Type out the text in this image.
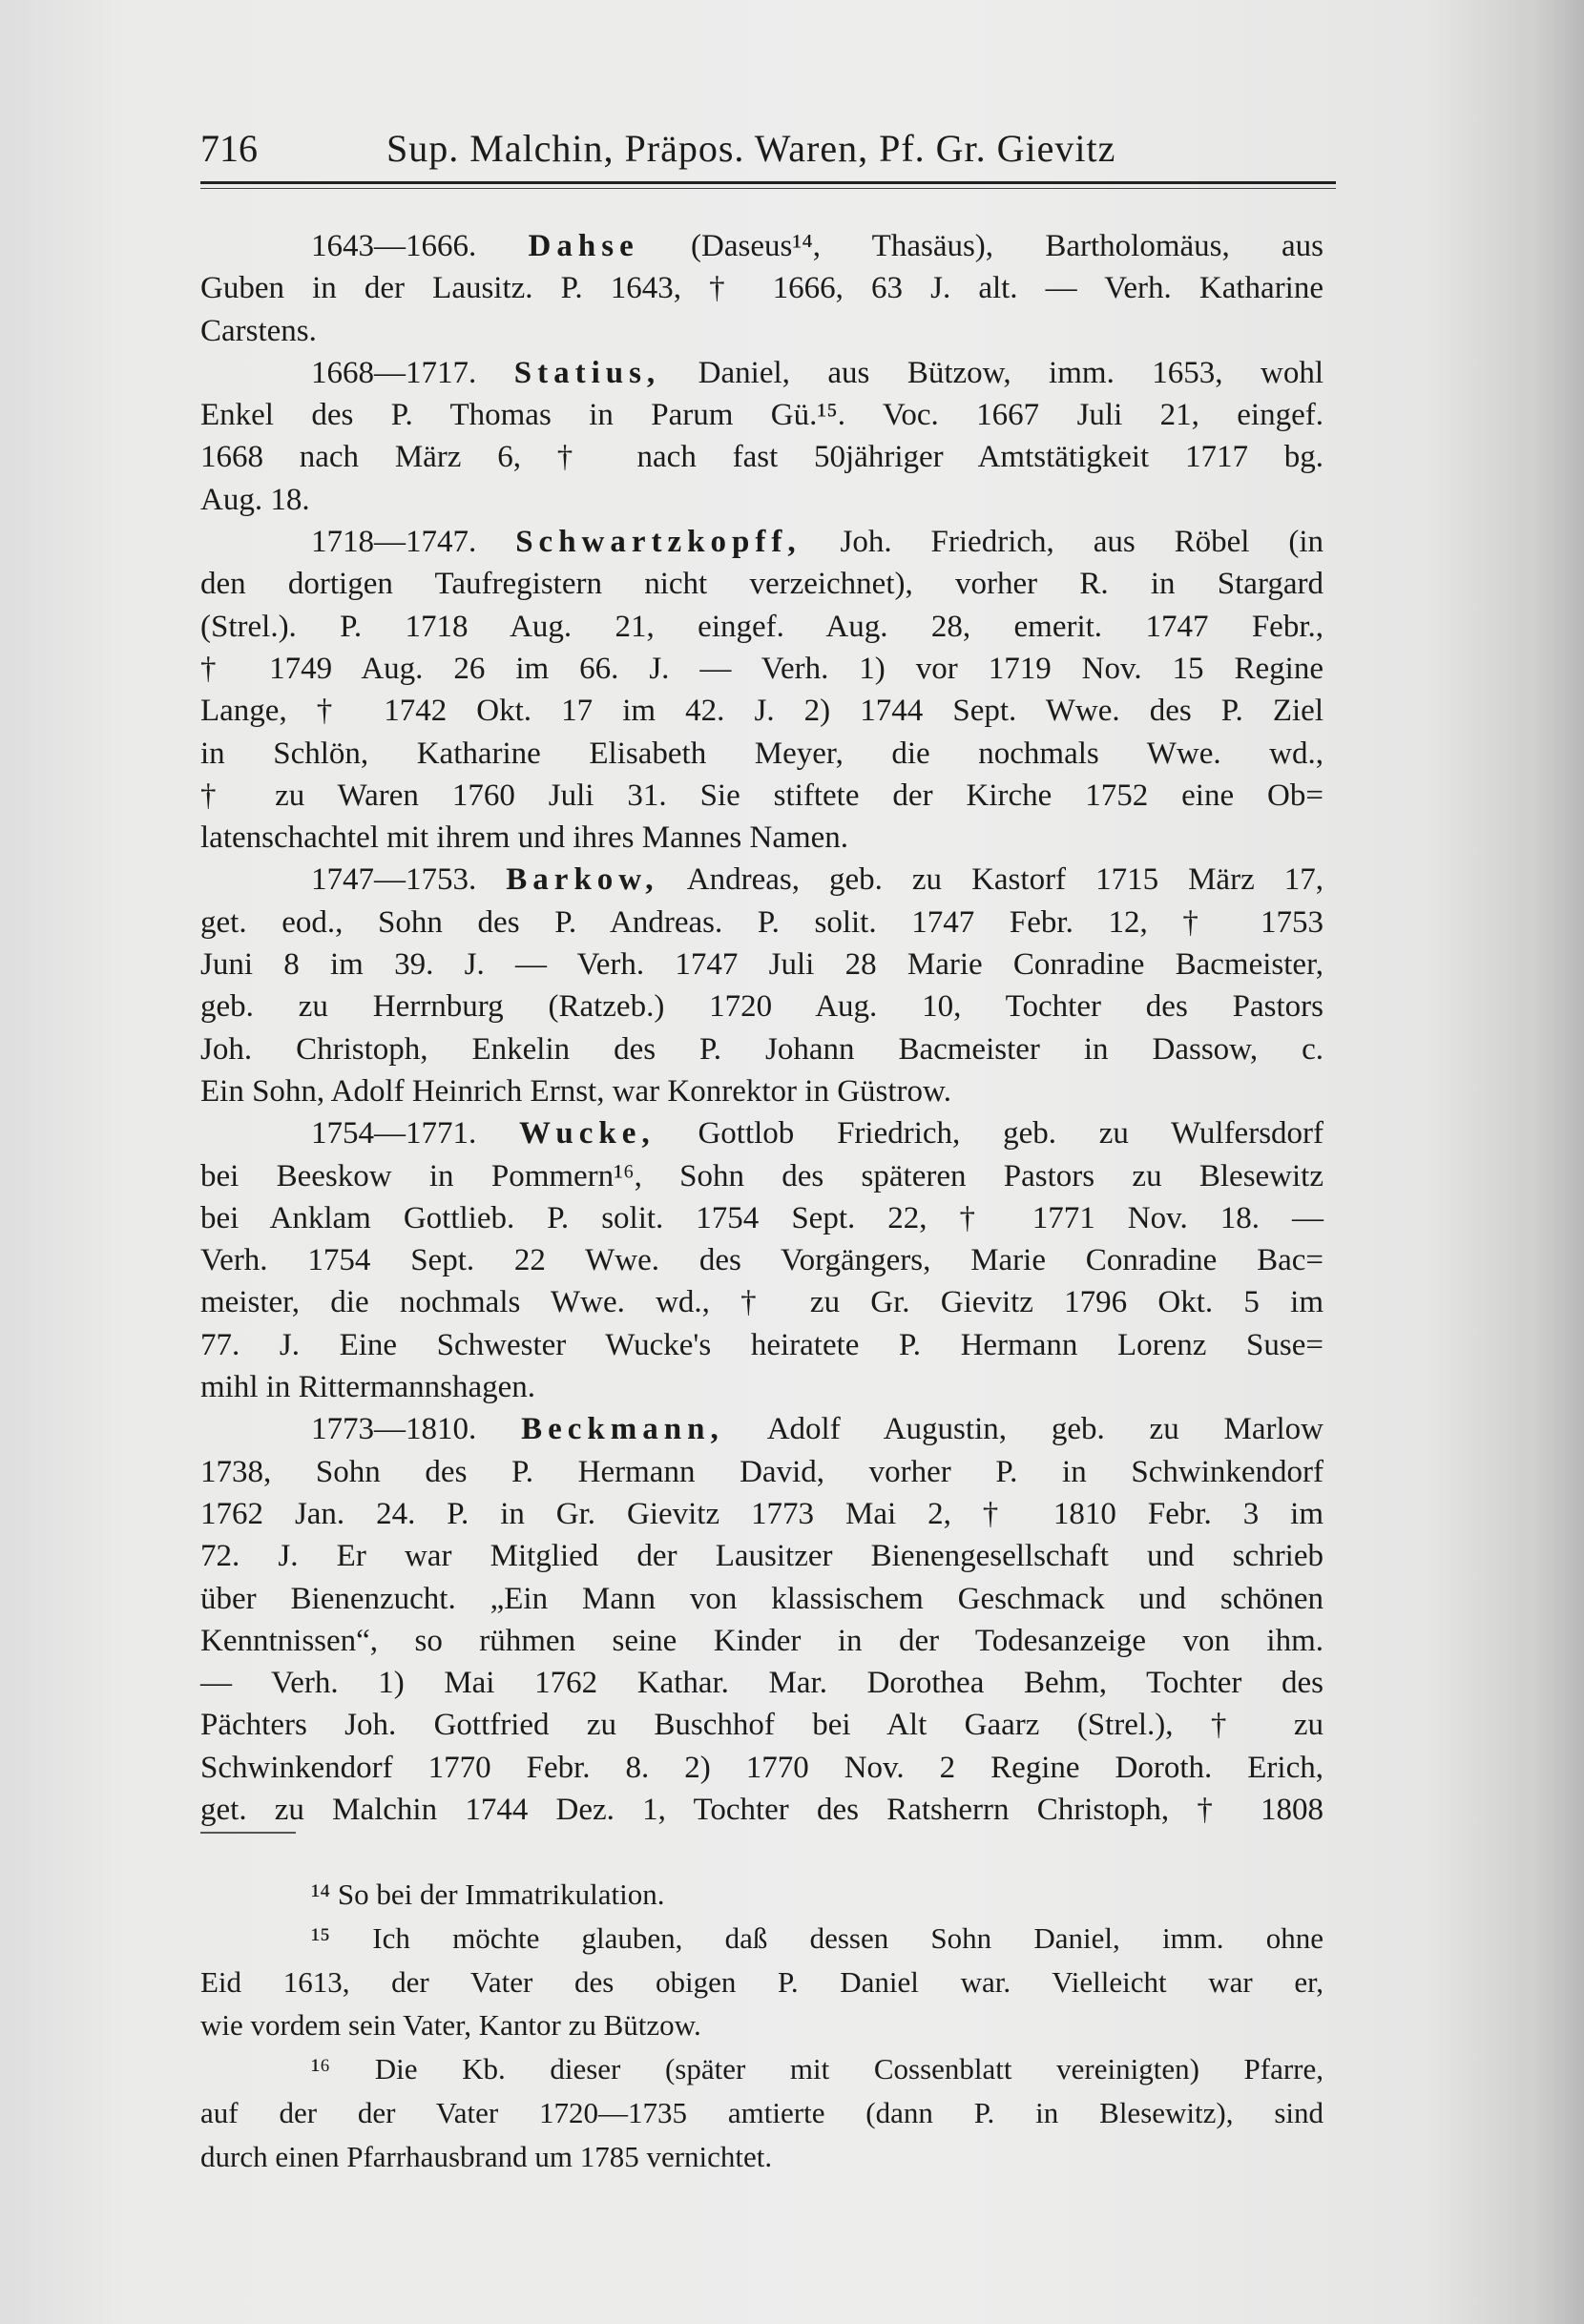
716	Sup. Malchin, Präpos. Waren, Pf. Gr. Gievitz
1643—1666. Dahse (Daseus¹⁴, Thasäus), Bartholomäus, aus
Guben in der Lausitz. P. 1643, † 1666, 63 J. alt. — Verh. Katharine
Carstens.
1668—1717. Statius, Daniel, aus Bützow, imm. 1653, wohl
Enkel des P. Thomas in Parum Gü.¹⁵. Voc. 1667 Juli 21, eingef.
1668 nach März 6, † nach fast 50jähriger Amtstätigkeit 1717 bg.
Aug. 18.
1718—1747. Schwartzkopff, Joh. Friedrich, aus Röbel (in
den dortigen Taufregistern nicht verzeichnet), vorher R. in Stargard
(Strel.). P. 1718 Aug. 21, eingef. Aug. 28, emerit. 1747 Febr.,
† 1749 Aug. 26 im 66. J. — Verh. 1) vor 1719 Nov. 15 Regine
Lange, † 1742 Okt. 17 im 42. J. 2) 1744 Sept. Wwe. des P. Ziel
in Schlön, Katharine Elisabeth Meyer, die nochmals Wwe. wd.,
† zu Waren 1760 Juli 31. Sie stiftete der Kirche 1752 eine Ob=
latenschachtel mit ihrem und ihres Mannes Namen.
1747—1753. Barkow, Andreas, geb. zu Kastorf 1715 März 17,
get. eod., Sohn des P. Andreas. P. solit. 1747 Febr. 12, † 1753
Juni 8 im 39. J. — Verh. 1747 Juli 28 Marie Conradine Bacmeister,
geb. zu Herrnburg (Ratzeb.) 1720 Aug. 10, Tochter des Pastors
Joh. Christoph, Enkelin des P. Johann Bacmeister in Dassow, c.
Ein Sohn, Adolf Heinrich Ernst, war Konrektor in Güstrow.
1754—1771. Wucke, Gottlob Friedrich, geb. zu Wulfersdorf
bei Beeskow in Pommern¹⁶, Sohn des späteren Pastors zu Blesewitz
bei Anklam Gottlieb. P. solit. 1754 Sept. 22, † 1771 Nov. 18. —
Verh. 1754 Sept. 22 Wwe. des Vorgängers, Marie Conradine Bac=
meister, die nochmals Wwe. wd., † zu Gr. Gievitz 1796 Okt. 5 im
77. J. Eine Schwester Wucke's heiratete P. Hermann Lorenz Suse=
mihl in Rittermannshagen.
1773—1810. Beckmann, Adolf Augustin, geb. zu Marlow
1738, Sohn des P. Hermann David, vorher P. in Schwinkendorf
1762 Jan. 24. P. in Gr. Gievitz 1773 Mai 2, † 1810 Febr. 3 im
72. J. Er war Mitglied der Lausitzer Bienengesellschaft und schrieb
über Bienenzucht. „Ein Mann von klassischem Geschmack und schönen
Kenntnissen“, so rühmen seine Kinder in der Todesanzeige von ihm.
— Verh. 1) Mai 1762 Kathar. Mar. Dorothea Behm, Tochter des
Pächters Joh. Gottfried zu Buschhof bei Alt Gaarz (Strel.), † zu
Schwinkendorf 1770 Febr. 8. 2) 1770 Nov. 2 Regine Doroth. Erich,
get. zu Malchin 1744 Dez. 1, Tochter des Ratsherrn Christoph, † 1808
¹⁴ So bei der Immatrikulation.
¹⁵ Ich möchte glauben, daß dessen Sohn Daniel, imm. ohne
Eid 1613, der Vater des obigen P. Daniel war. Vielleicht war er,
wie vordem sein Vater, Kantor zu Bützow.
¹⁶ Die Kb. dieser (später mit Cossenblatt vereinigten) Pfarre,
auf der der Vater 1720—1735 amtierte (dann P. in Blesewitz), sind
durch einen Pfarrhausbrand um 1785 vernichtet.
